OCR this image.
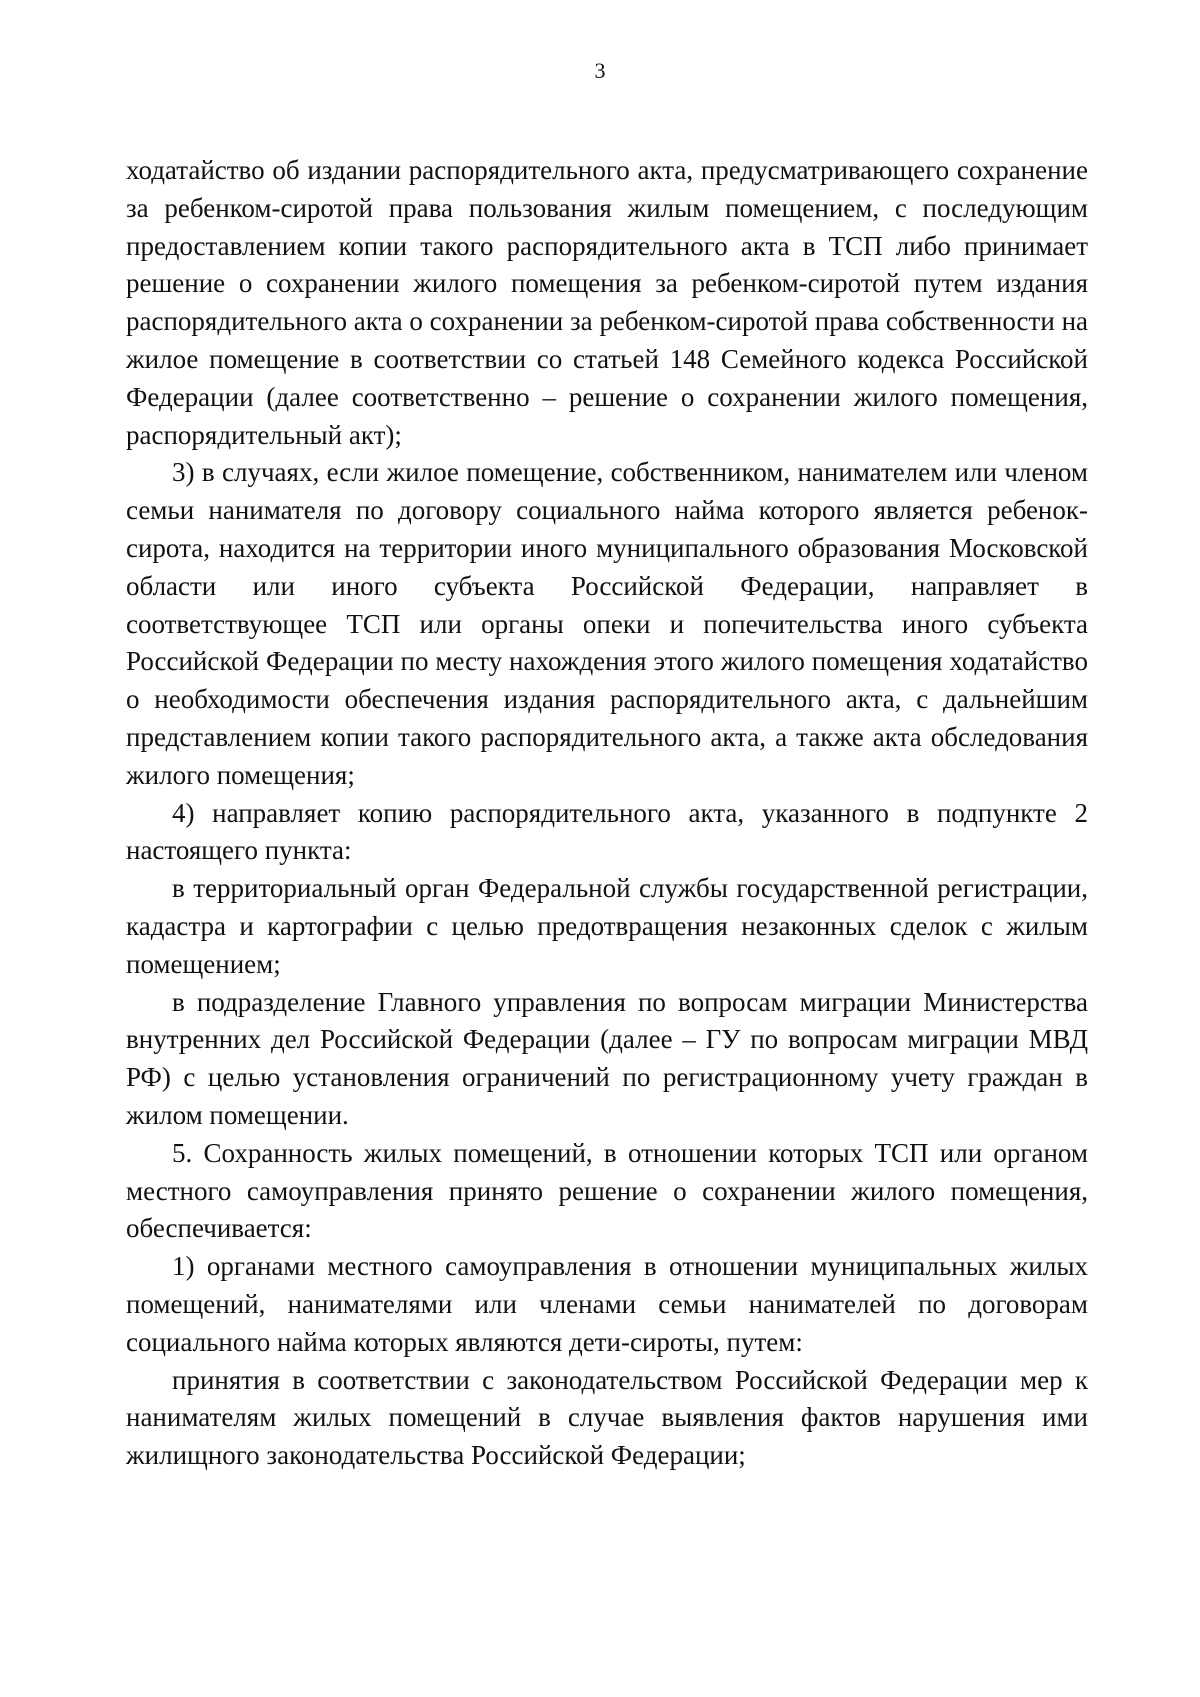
3

ходатайство об издании распорядительного акта, предусматривающего сохранение за ребенком-сиротой права пользования жилым помещением, с последующим предоставлением копии такого распорядительного акта в ТСП либо принимает решение о сохранении жилого помещения за ребенком-сиротой путем издания распорядительного акта о сохранении за ребенком-сиротой права собственности на жилое помещение в соответствии со статьей 148 Семейного кодекса Российской Федерации (далее соответственно – решение о сохранении жилого помещения, распорядительный акт);

3) в случаях, если жилое помещение, собственником, нанимателем или членом семьи нанимателя по договору социального найма которого является ребенок-сирота, находится на территории иного муниципального образования Московской области или иного субъекта Российской Федерации, направляет в соответствующее ТСП или органы опеки и попечительства иного субъекта Российской Федерации по месту нахождения этого жилого помещения ходатайство о необходимости обеспечения издания распорядительного акта, с дальнейшим представлением копии такого распорядительного акта, а также акта обследования жилого помещения;

4) направляет копию распорядительного акта, указанного в подпункте 2 настоящего пункта:

в территориальный орган Федеральной службы государственной регистрации, кадастра и картографии с целью предотвращения незаконных сделок с жилым помещением;

в подразделение Главного управления по вопросам миграции Министерства внутренних дел Российской Федерации (далее – ГУ по вопросам миграции МВД РФ) с целью установления ограничений по регистрационному учету граждан в жилом помещении.

5. Сохранность жилых помещений, в отношении которых ТСП или органом местного самоуправления принято решение о сохранении жилого помещения, обеспечивается:

1) органами местного самоуправления в отношении муниципальных жилых помещений, нанимателями или членами семьи нанимателей по договорам социального найма которых являются дети-сироты, путем:

принятия в соответствии с законодательством Российской Федерации мер к нанимателям жилых помещений в случае выявления фактов нарушения ими жилищного законодательства Российской Федерации;
